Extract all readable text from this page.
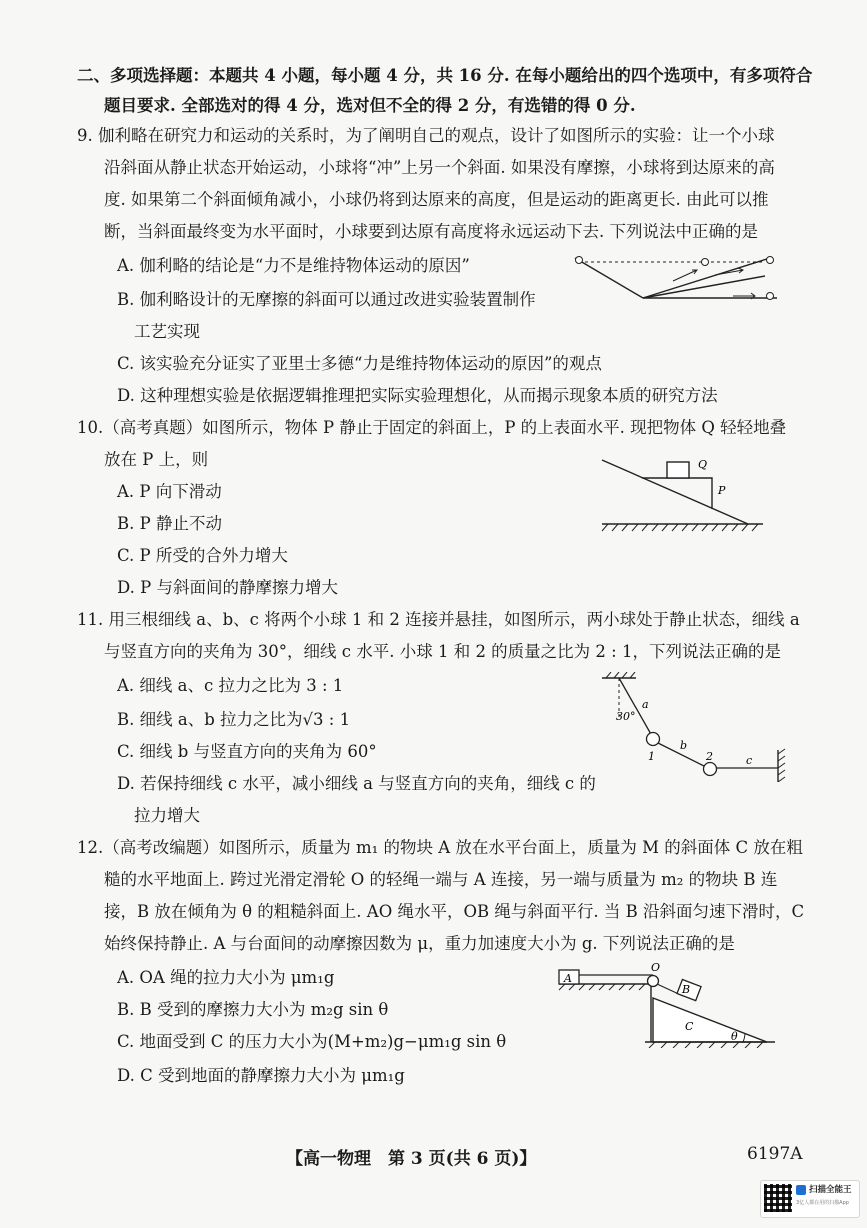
二、多项选择题：本题共 4 小题，每小题 4 分，共 16 分. 在每小题给出的四个选项中，有多项符合
题目要求. 全部选对的得 4 分，选对但不全的得 2 分，有选错的得 0 分.
9. 伽利略在研究力和运动的关系时，为了阐明自己的观点，设计了如图所示的实验：让一个小球
沿斜面从静止状态开始运动，小球将“冲”上另一个斜面. 如果没有摩擦，小球将到达原来的高
度. 如果第二个斜面倾角减小，小球仍将到达原来的高度，但是运动的距离更长. 由此可以推
断，当斜面最终变为水平面时，小球要到达原有高度将永远运动下去. 下列说法中正确的是
A. 伽利略的结论是“力不是维持物体运动的原因”
B. 伽利略设计的无摩擦的斜面可以通过改进实验装置制作
工艺实现
C. 该实验充分证实了亚里士多德“力是维持物体运动的原因”的观点
D. 这种理想实验是依据逻辑推理把实际实验理想化，从而揭示现象本质的研究方法
10.（高考真题）如图所示，物体 P 静止于固定的斜面上，P 的上表面水平. 现把物体 Q 轻轻地叠
放在 P 上，则
A. P 向下滑动
B. P 静止不动
C. P 所受的合外力增大
D. P 与斜面间的静摩擦力增大
Q
P
11. 用三根细线 a、b、c 将两个小球 1 和 2 连接并悬挂，如图所示，两小球处于静止状态，细线 a
与竖直方向的夹角为 30°，细线 c 水平. 小球 1 和 2 的质量之比为 2 : 1，下列说法正确的是
A. 细线 a、c 拉力之比为 3 : 1
B. 细线 a、b 拉力之比为√3 : 1
C. 细线 b 与竖直方向的夹角为 60°
D. 若保持细线 c 水平，减小细线 a 与竖直方向的夹角，细线 c 的
拉力增大
30°
a
b
c
1	2
12.（高考改编题）如图所示，质量为 m₁ 的物块 A 放在水平台面上，质量为 M 的斜面体 C 放在粗
糙的水平地面上. 跨过光滑定滑轮 O 的轻绳一端与 A 连接，另一端与质量为 m₂ 的物块 B 连
接，B 放在倾角为 θ 的粗糙斜面上. AO 绳水平，OB 绳与斜面平行. 当 B 沿斜面匀速下滑时，C
始终保持静止. A 与台面间的动摩擦因数为 μ，重力加速度大小为 g. 下列说法正确的是
A. OA 绳的拉力大小为 μm₁g
B. B 受到的摩擦力大小为 m₂g sin θ
C. 地面受到 C 的压力大小为(M+m₂)g−μm₁g sin θ
D. C 受到地面的静摩擦力大小为 μm₁g
A
O
B
C
θ
【高一物理　第 3 页(共 6 页)】	6197A
扫描全能王
3亿人都在用的扫描App
